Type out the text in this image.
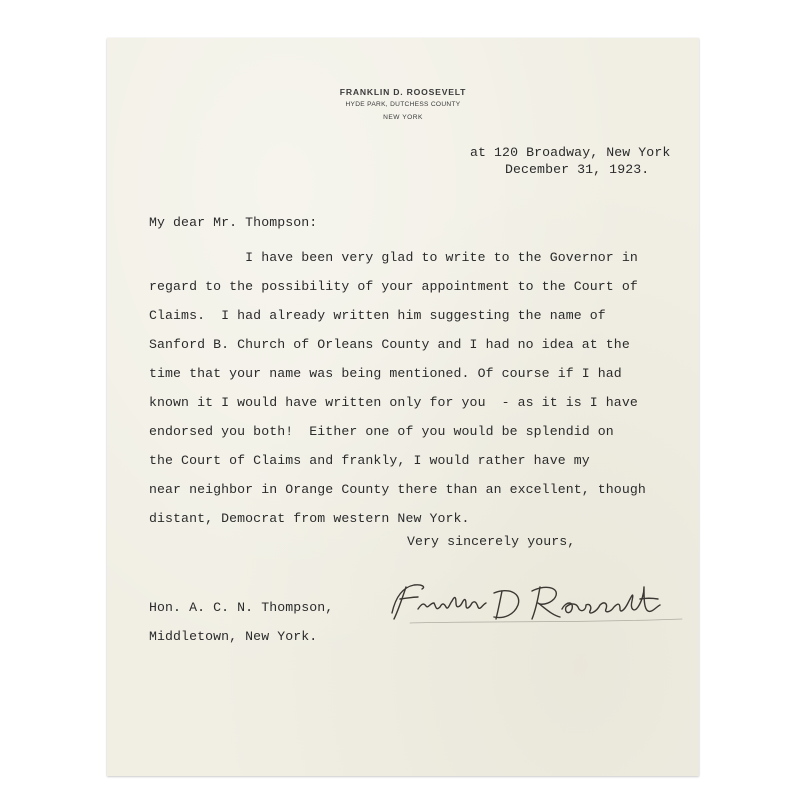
FRANKLIN D. ROOSEVELT
HYDE PARK, DUTCHESS COUNTY
NEW YORK
at 120 Broadway, New York
December 31, 1923.
My dear Mr. Thompson:
I have been very glad to write to the Governor in
regard to the possibility of your appointment to the Court of
Claims.  I had already written him suggesting the name of
Sanford B. Church of Orleans County and I had no idea at the
time that your name was being mentioned. Of course if I had
known it I would have written only for you  - as it is I have
endorsed you both!  Either one of you would be splendid on
the Court of Claims and frankly, I would rather have my
near neighbor in Orange County there than an excellent, though
distant, Democrat from western New York.
Very sincerely yours,
Hon. A. C. N. Thompson,
Middletown, New York.
